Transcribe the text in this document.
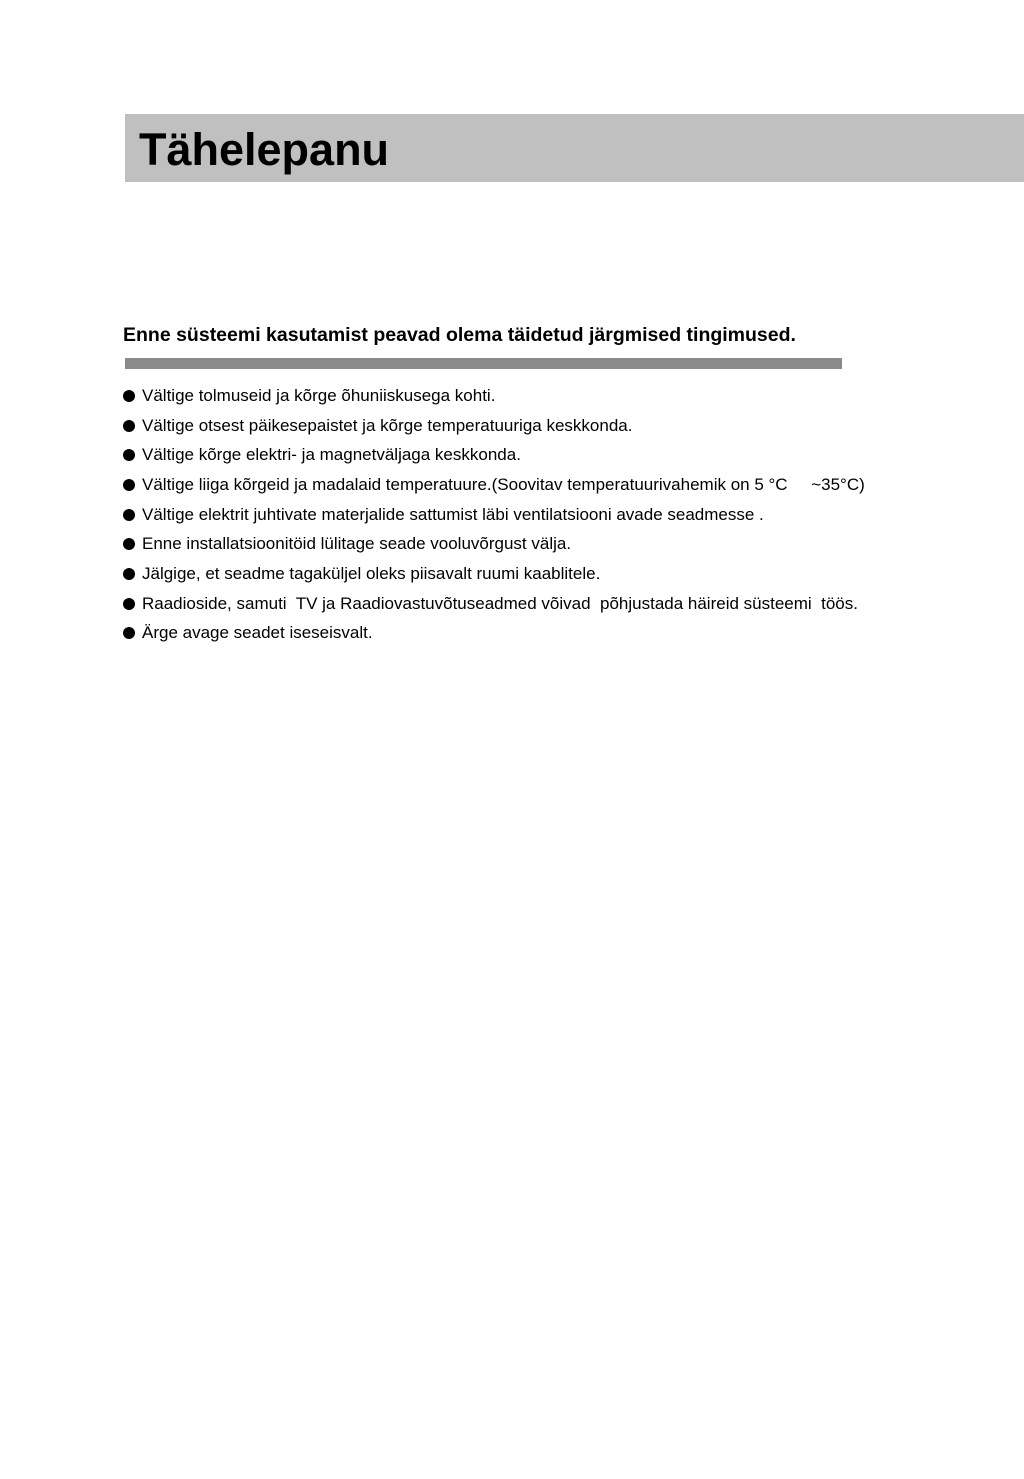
Tähelepanu
Enne süsteemi kasutamist peavad olema täidetud järgmised tingimused.
Vältige tolmuseid ja kõrge õhuniiskusega kohti.
Vältige otsest päikesepaistet ja kõrge temperatuuriga keskkonda.
Vältige kõrge elektri- ja magnetväljaga keskkonda.
Vältige liiga kõrgeid ja madalaid temperatuure.(Soovitav temperatuurivahemik on 5 °C     ~35°C)
Vältige elektrit juhtivate materjalide sattumist läbi ventilatsiooni avade seadmesse .
Enne installatsioonitöid lülitage seade vooluvõrgust välja.
Jälgige, et seadme tagaküljel oleks piisavalt ruumi kaablitele.
Raadioside, samuti  TV ja Raadiovastuvõtuseadmed võivad  põhjustada häireid süsteemi  töös.
Ärge avage seadet iseseisvalt.
